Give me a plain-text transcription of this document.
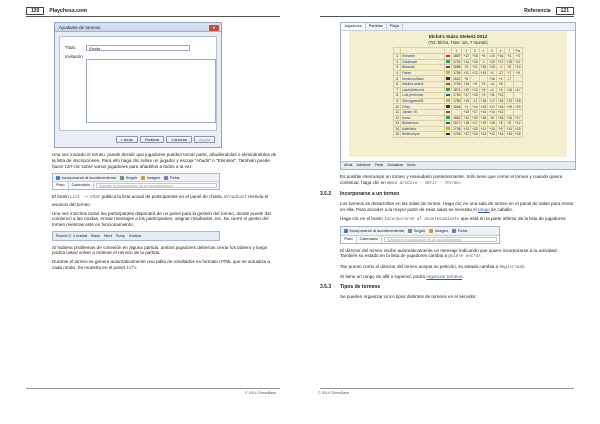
120	Playchess.com
Ayudante de torneos	✕
Título	Rosita
Invitación
< Atrás	Finalizar	Cancelar	Ayuda

Una vez iniciado el torneo, puede decidir que jugadores pueden tomar parte, añadiéndolos o eliminándolos de la lista de inscripciones. Para ello haga clic sobre un jugador y escoja "Añadir" o "Eliminar". También puede hacer Ctrl-clic sobre varios jugadores para añadirlos a todos a la vez.

Incorporarse al acontecimiento Seguir Imagen Ficha
Plato	Calendario	Solicitar la incorporación en un acontecimiento

El botón List -> Chat publica la lista actual de participantes en el panel de charla. Broadcast reenvía el anuncio del torneo.

Una vez inscritos todos los participantes dispondrá de un panel para la gestión del torneo, donde puede dar comienzo a las rondas, enviar mensajes a los participantes, asignar resultados, etc. No cierre el gestor del torneo mientras esté en funcionamiento.

Round 2, 1 restart Back Next Sorry Ambos

Si hubiera problemas de conexión en alguna partida, ambos jugadores deberían cerrar los tablero y luego podría usted volver a ordenar el reinicio de la partida.

Durante el torneo se genera automáticamente una tabla de resultados en formato HTML que se actualiza a cada ronda. Se muestra en el panel Info.

© 2014 ChessBase
Referencia	121
Jugadores	Partidas	Pláya
Elch4's Suizo Stelenz 2012
(TD: Elch4, Time: 1m, 7 rounds)
			1	2	3	4	5	6	7	Pts
1	Elcharlie		1887	+17	+18	+6	=10	+16	+3	+4
2	Goldbaum		1730	+14	+16	-1	+10	+17	+19	+11
3	Blanmax		1688	+3	+11	+15	+13	-1	+5	+10
4	Fisher		1755	+11	+12	+19	+1	-17	+7	+5
5	MonticnuStack		1622	+5			+16	+1	=7	
6	Martina ardent		1706	+15	+9	+2	=3	+8		
7	LaszloWeinerA		1871	+19	+10	+5	=1	+3	+16	=17
8	Luis-performer		1753	+17	+16	+3	+11	+12		
9	Strongpawn05		1780	+19	-17	+16	+17	+16	+13	+18
10	Fritzy		1846	+1	+14	+15	+17	+18	+19	+20
11	Jordan 15			+13	+17	+10	+14	+12		
12	Irvmo		1862	+10	+20	+16	+6	+15	+16	+17
13	Belneneum		1572	+18	+17	+19	+15	+8	+6	+12
14	Maibilistic		1738	+13	+20	+11	+10	+9	+14	+15
15	Bellerumpre		1705	+17	+10	+13	+12	+14	+15	+16
Atrás Adelante Parar Actualizar Inicio

Es posible interrumpir un torneo y reanudarlo posteriormente. Sólo tiene que cerrar el torneo y cuando quiera continuar, haga clic en menú archivo · Abrir · Torneo.

3.5.2	Incorporarse a un torneo

Los torneos se desarrollan en las salas de torneo. Haga clic en una sala de torneo en el panel de salas para entrar en ella. Para acceder a la mayor parte de esas salas se necesita el rango de caballo.

Haga clic en el botón Incorporarse al acontecimiento que está en la parte inferior de la lista de jugadores:

Incorporarse al acontecimiento Seguir Imagen Ficha
Plato	Calendario	Solicitar la incorporación en un acontecimiento

El director del torneo recibe automáticamente un mensaje indicando que quiere incorporarse a la actividad. También su estado en la lista de jugadores cambia a Quiere entrar.

Tan pronto como el director del torneo acepta su petición, su estado cambia a Registrado.

Si tiene un rango de alfil o superior, podrá organizar torneos.

3.5.3	Tipos de torneos

Se pueden organizar cinco tipos distintos de torneos en el servidor:

© 2014 ChessBase
